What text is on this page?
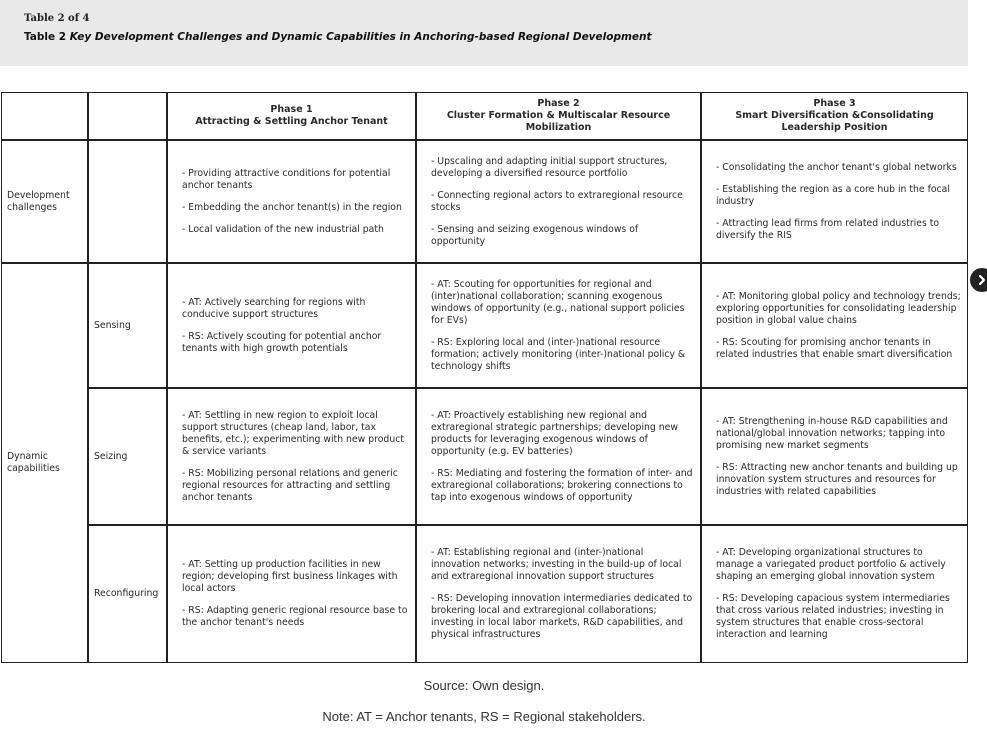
Table 2 of 4
Table 2 Key Development Challenges and Dynamic Capabilities in Anchoring-based Regional Development
Phase 1
Attracting & Settling Anchor Tenant
Phase 2
Cluster Formation & Multiscalar Resource Mobilization
Phase 3
Smart Diversification &Consolidating Leadership Position
Development challenges

- Providing attractive conditions for potential anchor tenants

- Embedding the anchor tenant(s) in the region

- Local validation of the new industrial path

- Upscaling and adapting initial support structures, developing a diversified resource portfolio

- Connecting regional actors to extraregional resource stocks

- Sensing and seizing exogenous windows of opportunity

- Consolidating the anchor tenant's global networks

- Establishing the region as a core hub in the focal industry

- Attracting lead firms from related industries to diversify the RIS

Dynamic capabilities
Sensing

- AT: Actively searching for regions with conducive support structures

- RS: Actively scouting for potential anchor tenants with high growth potentials

- AT: Scouting for opportunities for regional and (inter)national collaboration; scanning exogenous windows of opportunity (e.g., national support policies for EVs)

- RS: Exploring local and (inter-)national resource formation; actively monitoring (inter-)national policy & technology shifts

- AT: Monitoring global policy and technology trends; exploring opportunities for consolidating leadership position in global value chains

- RS: Scouting for promising anchor tenants in related industries that enable smart diversification

Seizing

- AT: Settling in new region to exploit local support structures (cheap land, labor, tax benefits, etc.); experimenting with new product & service variants

- RS: Mobilizing personal relations and generic regional resources for attracting and settling anchor tenants

- AT: Proactively establishing new regional and extraregional strategic partnerships; developing new products for leveraging exogenous windows of opportunity (e.g. EV batteries)

- RS: Mediating and fostering the formation of inter- and extraregional collaborations; brokering connections to tap into exogenous windows of opportunity

- AT: Strengthening in-house R&D capabilities and national/global innovation networks; tapping into promising new market segments

- RS: Attracting new anchor tenants and building up innovation system structures and resources for industries with related capabilities

Reconfiguring

- AT: Setting up production facilities in new region; developing first business linkages with local actors

- RS: Adapting generic regional resource base to the anchor tenant's needs

- AT: Establishing regional and (inter-)national innovation networks; investing in the build-up of local and extraregional innovation support structures

- RS: Developing innovation intermediaries dedicated to brokering local and extraregional collaborations; investing in local labor markets, R&D capabilities, and physical infrastructures

- AT: Developing organizational structures to manage a variegated product portfolio & actively shaping an emerging global innovation system

- RS: Developing capacious system intermediaries that cross various related industries; investing in system structures that enable cross-sectoral interaction and learning

Source: Own design.
Note: AT = Anchor tenants, RS = Regional stakeholders.
